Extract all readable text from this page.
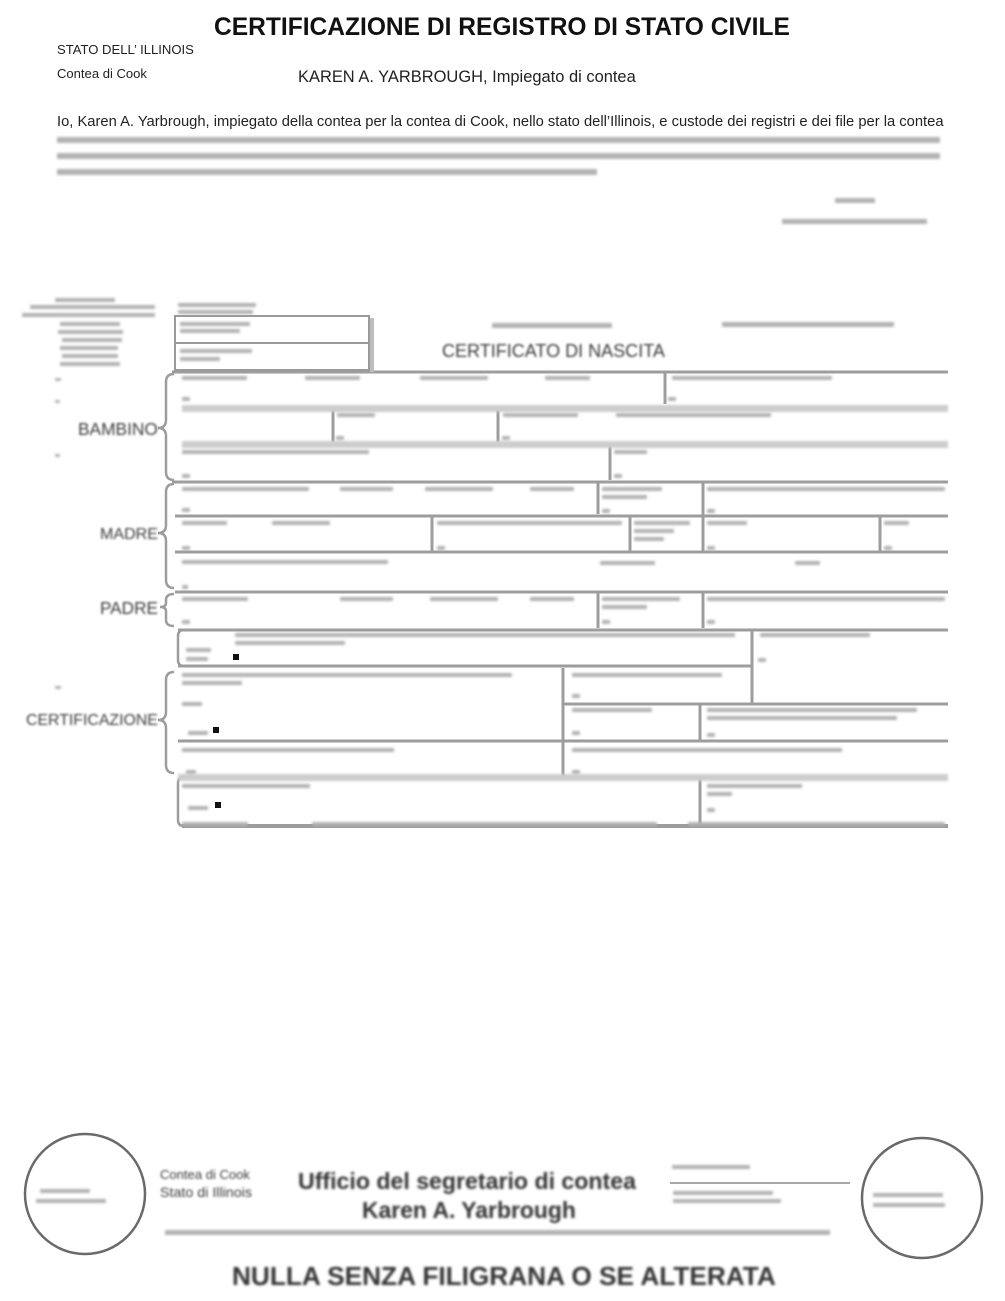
CERTIFICAZIONE DI REGISTRO DI STATO CIVILE
STATO DELL’ ILLINOIS
Contea di Cook	KAREN A. YARBROUGH, Impiegato di contea
Io, Karen A. Yarbrough, impiegato della contea per la contea di Cook, nello stato dell’Illinois, e custode dei registri e dei file per la contea
CERTIFICATO DI NASCITA
BAMBINO
MADRE
PADRE
CERTIFICAZIONE
Contea di Cook
Stato di Illinois Ufficio del segretario di contea
Karen A. Yarbrough
NULLA SENZA FILIGRANA O SE ALTERATA
